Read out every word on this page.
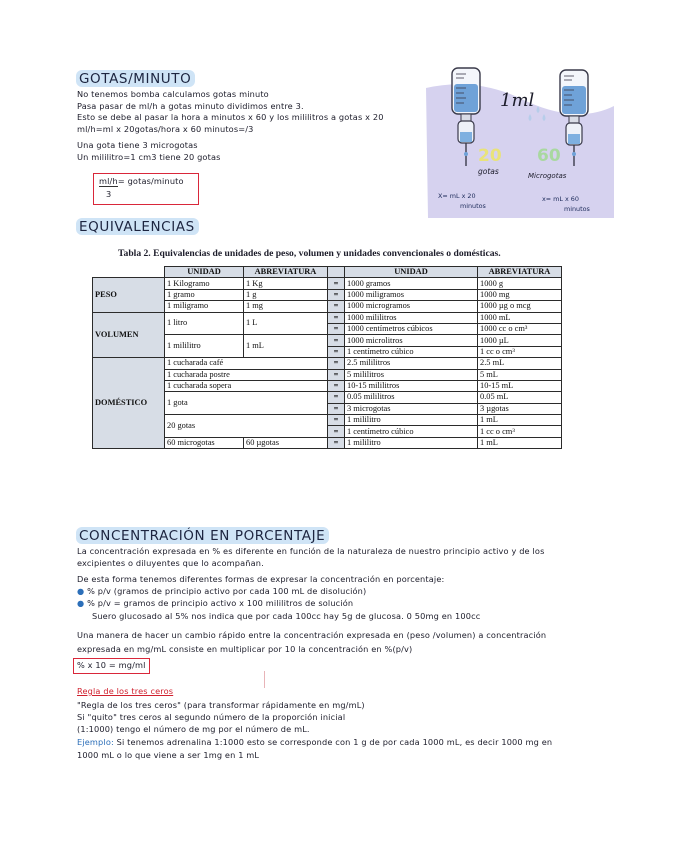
GOTAS/MINUTO
No tenemos bomba calculamos gotas minuto
Pasa pasar de ml/h a gotas minuto dividimos entre 3.
Esto se debe al pasar la hora a minutos x 60 y los mililitros a gotas x 20
ml/h=ml x 20gotas/hora x 60 minutos=/3
Una gota tiene 3 microgotas
Un mililitro=1 cm3 tiene 20 gotas
ml/h= gotas/minuto
3
1ml
20
gotas
60
Microgotas
X= mL x 20
minutos
x= mL x 60
minutos
EQUIVALENCIAS
Tabla 2. Equivalencias de unidades de peso, volumen y unidades convencionales o domésticas.
	UNIDAD	ABREVIATURA		UNIDAD	ABREVIATURA
PESO	1 Kilogramo	1 Kg	=	1000 gramos	1000 g
	1 gramo	1 g	=	1000 miligramos	1000 mg
	1 miligramo	1 mg	=	1000 microgramos	1000 µg o mcg
VOLUMEN	1 litro	1 L	=	1000 mililitros	1000 mL
			=	1000 centímetros cúbicos	1000 cc o cm³
	1 mililitro	1 mL	=	1000 microlitros	1000 µL
			=	1 centímetro cúbico	1 cc o cm³
DOMÉSTICO	1 cucharada café		=	2.5 mililitros	2.5 mL
	1 cucharada postre		=	5 mililitros	5 mL
	1 cucharada sopera		=	10-15 mililitros	10-15 mL
	1 gota		=	0.05 mililitros	0.05 mL
			=	3 microgotas	3 µgotas
	20 gotas		=	1 mililitro	1 mL
			=	1 centímetro cúbico	1 cc o cm³
	60 microgotas	60 µgotas	=	1 mililitro	1 mL
CONCENTRACIÓN EN PORCENTAJE
La concentración expresada en % es diferente en función de la naturaleza de nuestro principio activo y de los
excipientes o diluyentes que lo acompañan.
De esta forma tenemos diferentes formas de expresar la concentración en porcentaje:
● % p/v (gramos de principio activo por cada 100 mL de disolución)
● % p/v = gramos de principio activo x 100 mililitros de solución
Suero glucosado al 5% nos indica que por cada 100cc hay 5g de glucosa. 0 50mg en 100cc
Una manera de hacer un cambio rápido entre la concentración expresada en (peso /volumen) a concentración
expresada en mg/mL consiste en multiplicar por 10 la concentración en %(p/v)
% x 10 = mg/ml
Regla de los tres ceros
"Regla de los tres ceros" (para transformar rápidamente en mg/mL)
Si "quito" tres ceros al segundo número de la proporción inicial
(1:1000) tengo el número de mg por el número de mL.
Ejemplo: Si tenemos adrenalina 1:1000 esto se corresponde con 1 g de por cada 1000 mL, es decir 1000 mg en
1000 mL o lo que viene a ser 1mg en 1 mL
